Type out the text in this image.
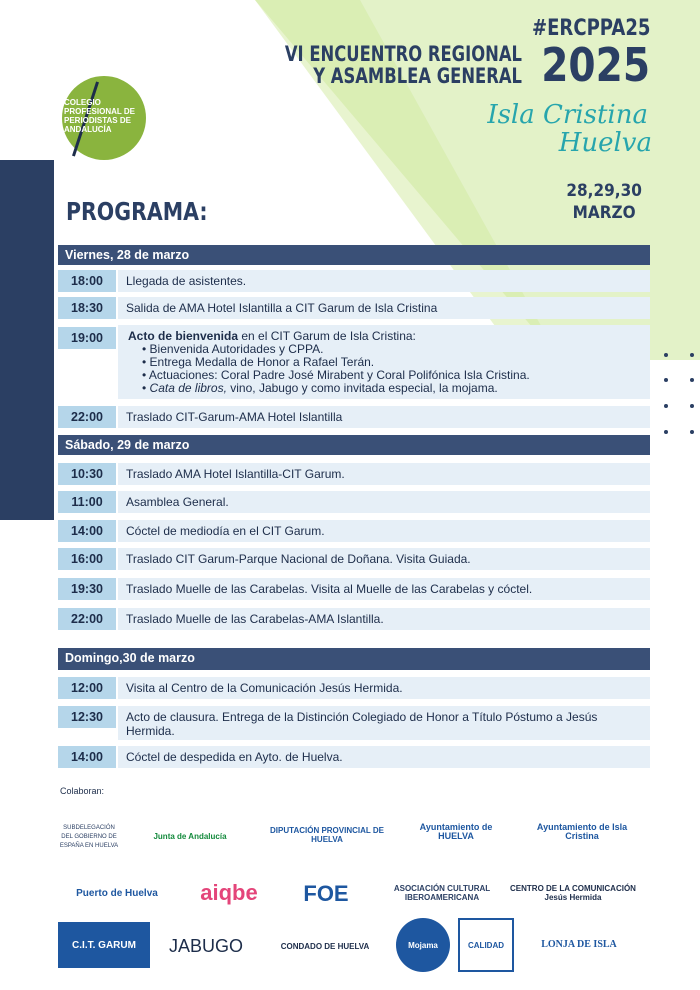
COLEGIO PROFESIONAL DE PERIODISTAS DE ANDALUCÍA
#ERCPPA25
VI ENCUENTRO REGIONAL
Y ASAMBLEA GENERAL 2025
Isla Cristina
Huelva
28,29,30
MARZO
PROGRAMA:
Viernes, 28 de marzo
18:00	Llegada de asistentes.
18:30	Salida de AMA Hotel Islantilla a CIT Garum de Isla Cristina
19:00	Acto de bienvenida en el CIT Garum de Isla Cristina:
• Bienvenida Autoridades y CPPA.
• Entrega Medalla de Honor a Rafael Terán.
• Actuaciones: Coral Padre José Mirabent y Coral Polifónica Isla Cristina.
• Cata de libros, vino, Jabugo y como invitada especial, la mojama.
22:00	Traslado CIT-Garum-AMA Hotel Islantilla
Sábado, 29 de marzo
10:30	Traslado AMA Hotel Islantilla-CIT Garum.
11:00	Asamblea General.
14:00	Cóctel de mediodía en el CIT Garum.
16:00	Traslado CIT Garum-Parque Nacional de Doñana. Visita Guiada.
19:30	Traslado Muelle de las Carabelas. Visita al Muelle de las Carabelas y cóctel.
22:00	Traslado Muelle de las Carabelas-AMA Islantilla.
Domingo,30 de marzo
12:00	Visita al Centro de la Comunicación Jesús Hermida.
12:30	Acto de clausura. Entrega de la Distinción Colegiado de Honor a Título Póstumo a Jesús Hermida.
14:00	Cóctel de despedida en Ayto. de Huelva.
Colaboran:
SUBDELEGACIÓN DEL GOBIERNO DE ESPAÑA EN HUELVA
Junta de Andalucía
DIPUTACIÓN PROVINCIAL DE HUELVA
Ayuntamiento de HUELVA
Ayuntamiento de Isla Cristina
Puerto de Huelva aiqbe FOE	ASOCIACIÓN CULTURAL IBEROAMERICANA
CENTRO DE LA COMUNICACIÓN Jesús Hermida
C.I.T. GARUM JABUGO	CONDADO DE HUELVA	Mojama	CALIDAD	LONJA DE ISLA
